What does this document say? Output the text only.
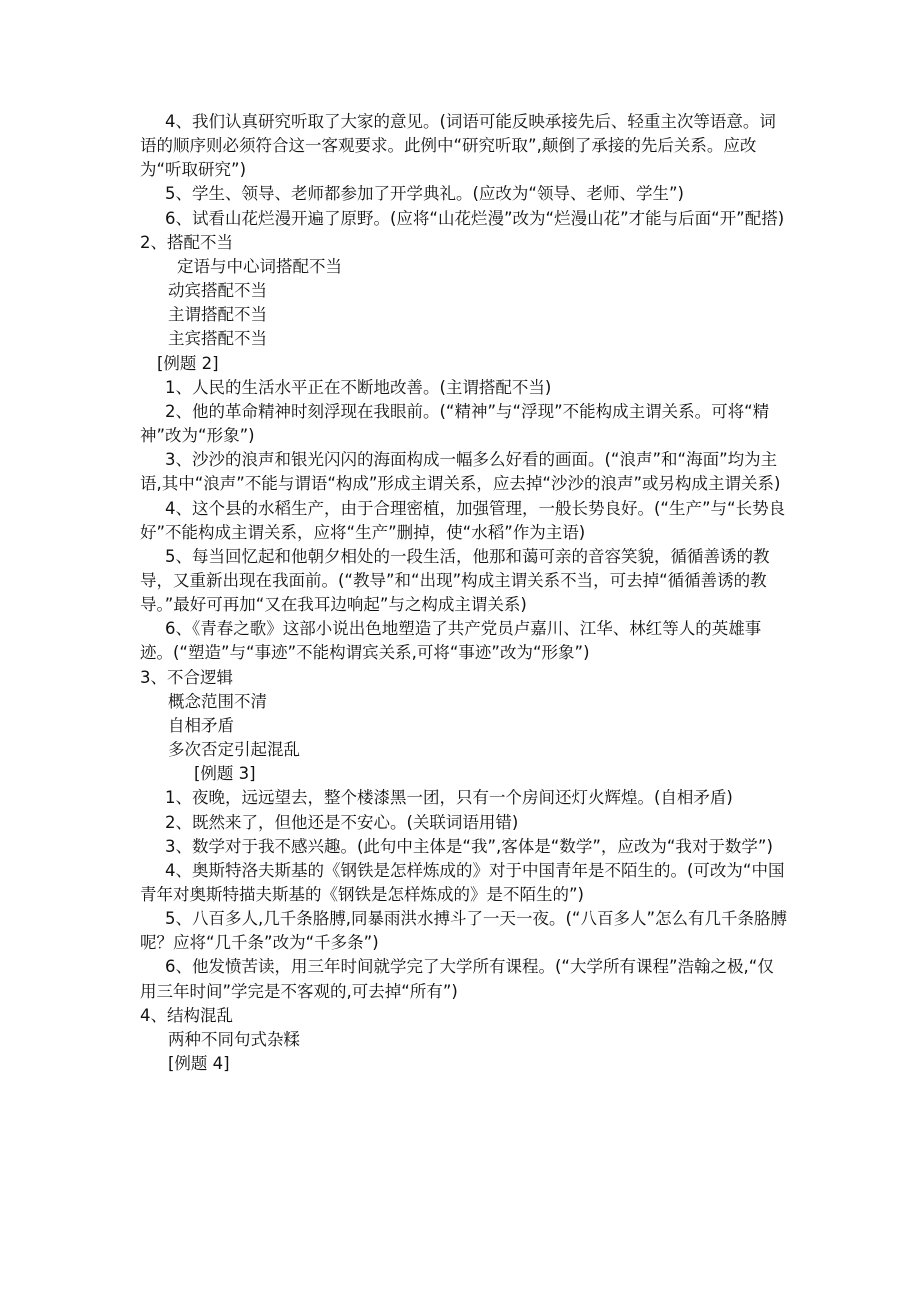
4、我们认真研究听取了大家的意见。(词语可能反映承接先后、轻重主次等语意。词语的顺序则必须符合这一客观要求。此例中“研究听取”,颠倒了承接的先后关系。应改为“听取研究”)

5、学生、领导、老师都参加了开学典礼。(应改为“领导、老师、学生”)

6、试看山花烂漫开遍了原野。(应将“山花烂漫”改为“烂漫山花”才能与后面“开”配搭)

2、搭配不当

定语与中心词搭配不当

动宾搭配不当

主谓搭配不当

主宾搭配不当

[例题 2]

1、人民的生活水平正在不断地改善。(主谓搭配不当)

2、他的革命精神时刻浮现在我眼前。(“精神”与“浮现”不能构成主谓关系。可将“精神”改为“形象”)

3、沙沙的浪声和银光闪闪的海面构成一幅多么好看的画面。(“浪声”和“海面”均为主语,其中“浪声”不能与谓语“构成”形成主谓关系，应去掉“沙沙的浪声”或另构成主谓关系)

4、这个县的水稻生产，由于合理密植，加强管理，一般长势良好。(“生产”与“长势良好”不能构成主谓关系，应将“生产”删掉，使“水稻”作为主语)

5、每当回忆起和他朝夕相处的一段生活，他那和蔼可亲的音容笑貌，循循善诱的教导，又重新出现在我面前。(“教导”和“出现”构成主谓关系不当，可去掉“循循善诱的教导。”最好可再加“又在我耳边响起”与之构成主谓关系)

6、《青春之歌》这部小说出色地塑造了共产党员卢嘉川、江华、林红等人的英雄事迹。(“塑造”与“事迹”不能构谓宾关系,可将“事迹”改为“形象”)

3、不合逻辑

概念范围不清

自相矛盾

多次否定引起混乱

[例题 3]

1、夜晚，远远望去，整个楼漆黑一团，只有一个房间还灯火辉煌。(自相矛盾)

2、既然来了，但他还是不安心。(关联词语用错)

3、数学对于我不感兴趣。(此句中主体是“我”,客体是“数学”，应改为“我对于数学”)

4、奥斯特洛夫斯基的《钢铁是怎样炼成的》对于中国青年是不陌生的。(可改为“中国青年对奥斯特描夫斯基的《钢铁是怎样炼成的》是不陌生的”)

5、八百多人,几千条胳膊,同暴雨洪水搏斗了一天一夜。(“八百多人”怎么有几千条胳膊呢？应将“几千条”改为“千多条”)

6、他发愤苦读，用三年时间就学完了大学所有课程。(“大学所有课程”浩翰之极,“仅用三年时间”学完是不客观的,可去掉“所有”)

4、结构混乱

两种不同句式杂糅

[例题 4]
